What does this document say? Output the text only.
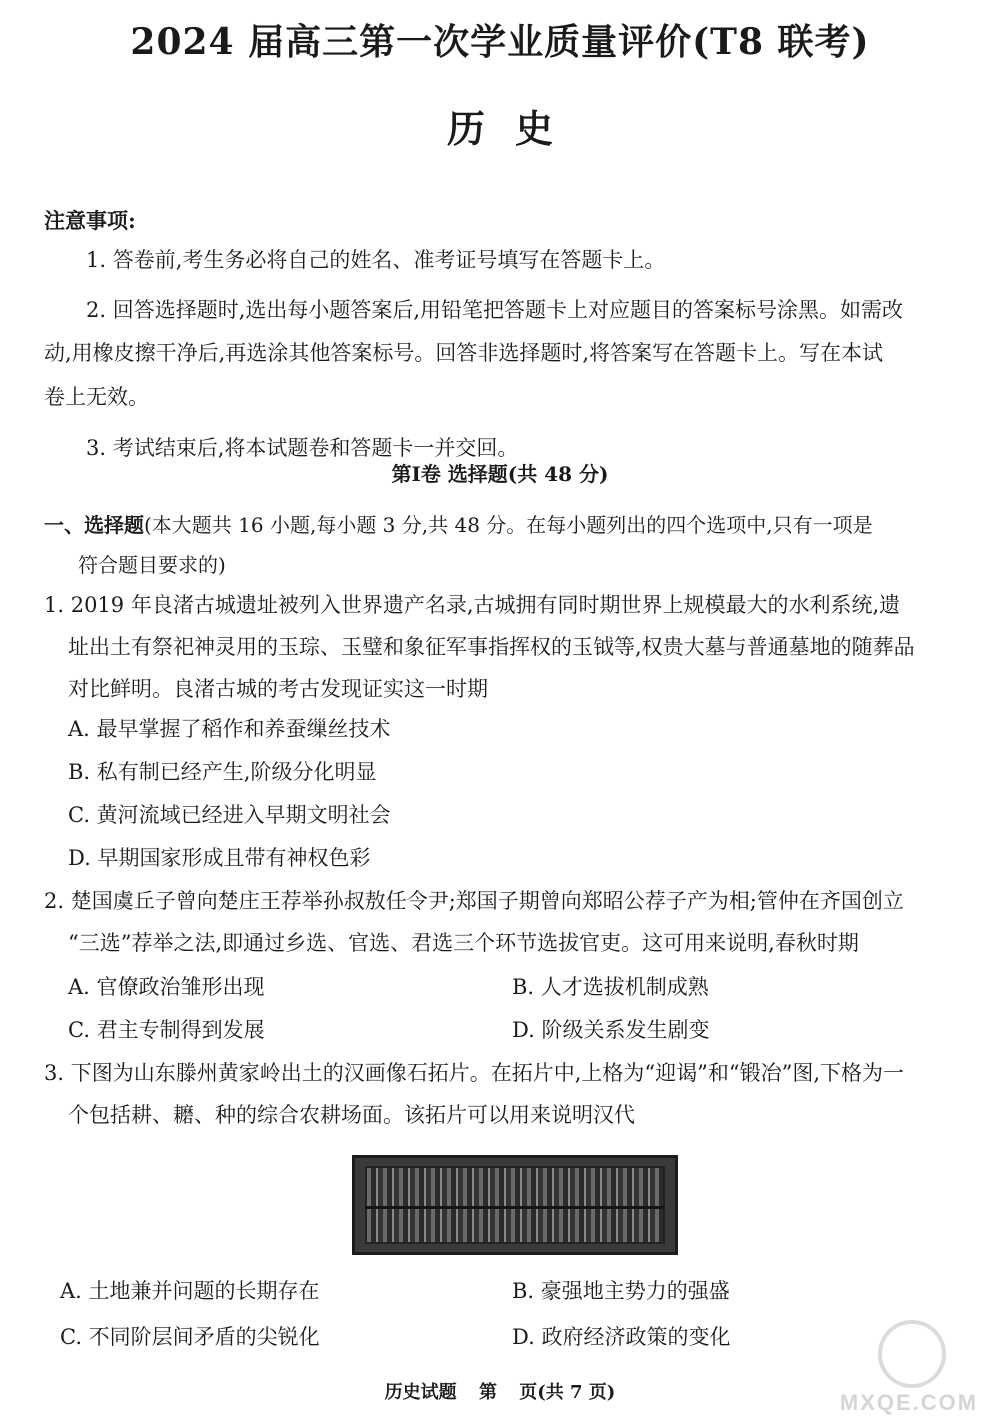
2024 届高三第一次学业质量评价(T8 联考)
历史
注意事项:

1. 答卷前,考生务必将自己的姓名、准考证号填写在答题卡上。

2. 回答选择题时,选出每小题答案后,用铅笔把答题卡上对应题目的答案标号涂黑。如需改

动,用橡皮擦干净后,再选涂其他答案标号。回答非选择题时,将答案写在答题卡上。写在本试

卷上无效。

3. 考试结束后,将本试题卷和答题卡一并交回。

第Ⅰ卷 选择题(共 48 分)
一、选择题(本大题共 16 小题,每小题 3 分,共 48 分。在每小题列出的四个选项中,只有一项是
符合题目要求的)
1. 2019 年良渚古城遗址被列入世界遗产名录,古城拥有同时期世界上规模最大的水利系统,遗
址出土有祭祀神灵用的玉琮、玉璧和象征军事指挥权的玉钺等,权贵大墓与普通墓地的随葬品
对比鲜明。良渚古城的考古发现证实这一时期
A. 最早掌握了稻作和养蚕缫丝技术
B. 私有制已经产生,阶级分化明显
C. 黄河流域已经进入早期文明社会
D. 早期国家形成且带有神权色彩
2. 楚国虞丘子曾向楚庄王荐举孙叔敖任令尹;郑国子期曾向郑昭公荐子产为相;管仲在齐国创立
“三选”荐举之法,即通过乡选、官选、君选三个环节选拔官吏。这可用来说明,春秋时期
A. 官僚政治雏形出现	B. 人才选拔机制成熟
C. 君主专制得到发展	D. 阶级关系发生剧变
3. 下图为山东滕州黄家岭出土的汉画像石拓片。在拓片中,上格为“迎谒”和“锻冶”图,下格为一
个包括耕、耱、种的综合农耕场面。该拓片可以用来说明汉代
A. 土地兼并问题的长期存在	B. 豪强地主势力的强盛
C. 不同阶层间矛盾的尖锐化	D. 政府经济政策的变化
历史试题 第 页(共 7 页)	MXQE.COM
